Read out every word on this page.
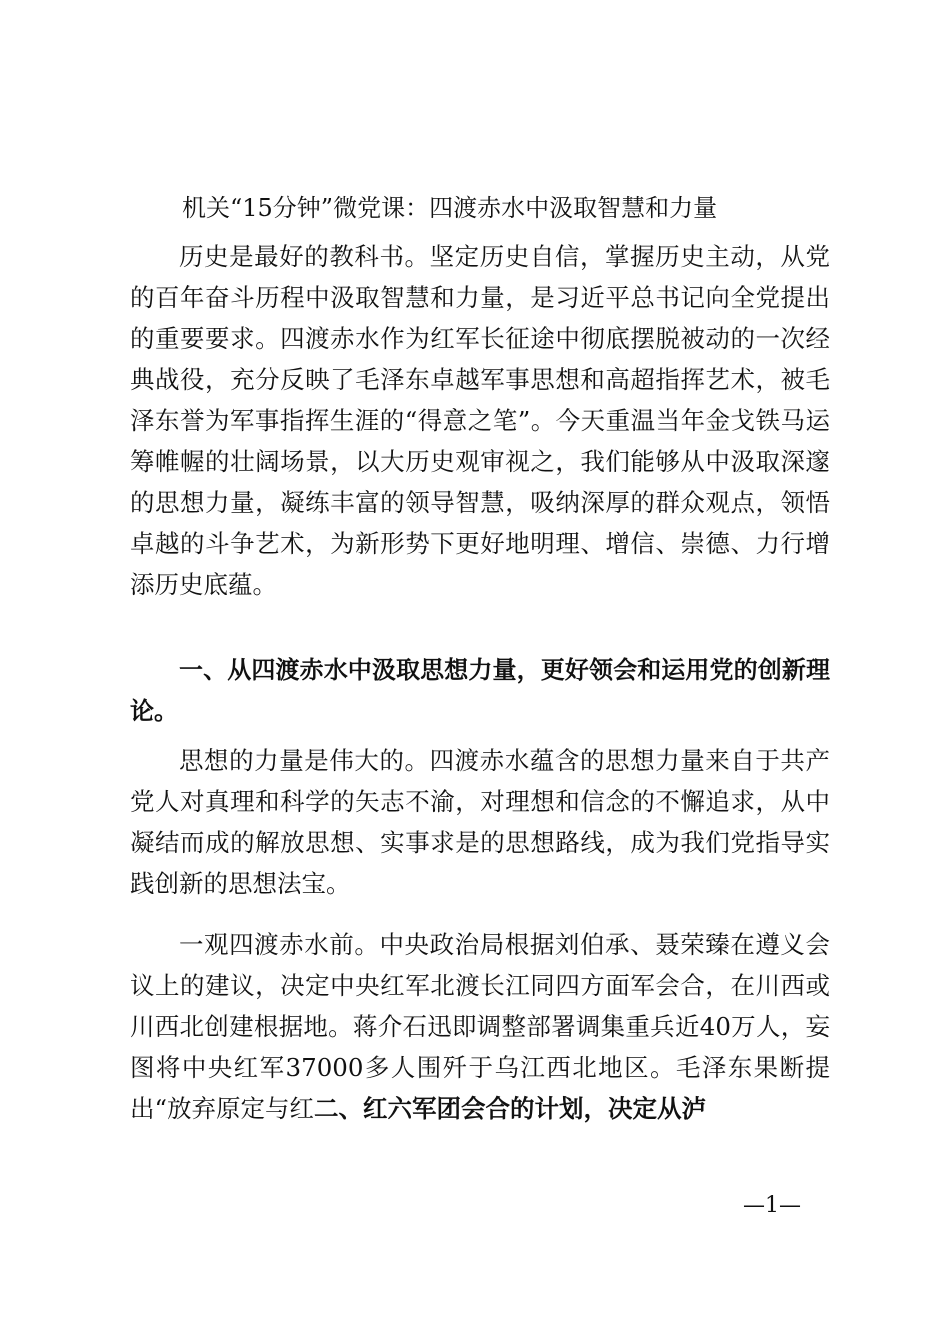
机关“15分钟”微党课：四渡赤水中汲取智慧和力量

历史是最好的教科书。坚定历史自信，掌握历史主动，从党的百年奋斗历程中汲取智慧和力量，是习近平总书记向全党提出的重要要求。四渡赤水作为红军长征途中彻底摆脱被动的一次经典战役，充分反映了毛泽东卓越军事思想和高超指挥艺术，被毛泽东誉为军事指挥生涯的“得意之笔”。今天重温当年金戈铁马运筹帷幄的壮阔场景，以大历史观审视之，我们能够从中汲取深邃的思想力量，凝练丰富的领导智慧，吸纳深厚的群众观点，领悟卓越的斗争艺术，为新形势下更好地明理、增信、崇德、力行增添历史底蕴。

一、从四渡赤水中汲取思想力量，更好领会和运用党的创新理论。

思想的力量是伟大的。四渡赤水蕴含的思想力量来自于共产党人对真理和科学的矢志不渝，对理想和信念的不懈追求，从中凝结而成的解放思想、实事求是的思想路线，成为我们党指导实践创新的思想法宝。

一观四渡赤水前。中央政治局根据刘伯承、聂荣臻在遵义会议上的建议，决定中央红军北渡长江同四方面军会合，在川西或川西北创建根据地。蒋介石迅即调整部署调集重兵近40万人，妄图将中央红军37000多人围歼于乌江西北地区。毛泽东果断提出“放弃原定与红二、红六军团会合的计划，决定从泸

—1—
